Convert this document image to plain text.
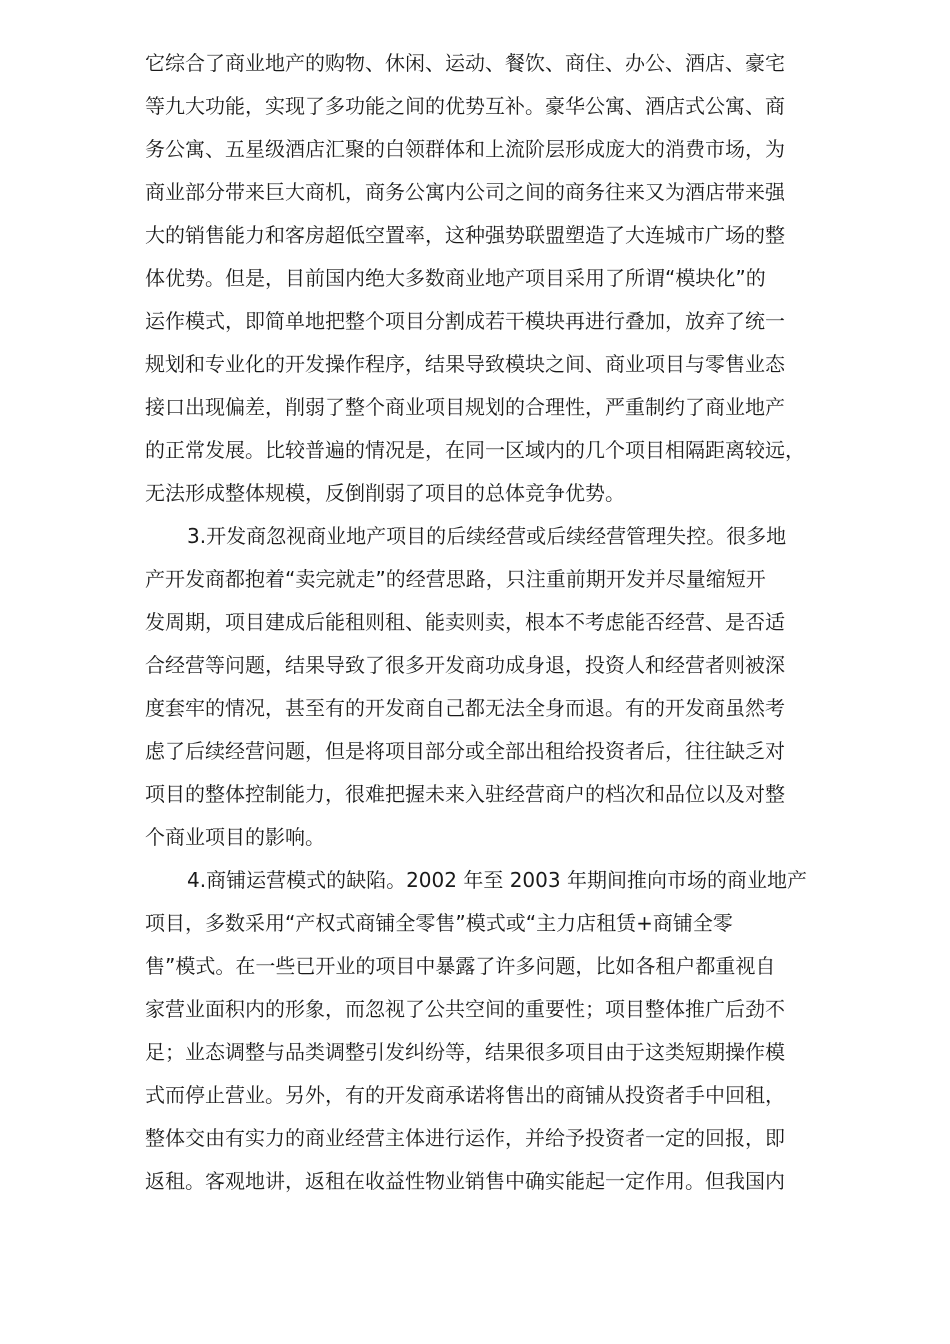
它综合了商业地产的购物、休闲、运动、餐饮、商住、办公、酒店、豪宅
等九大功能，实现了多功能之间的优势互补。豪华公寓、酒店式公寓、商
务公寓、五星级酒店汇聚的白领群体和上流阶层形成庞大的消费市场，为
商业部分带来巨大商机，商务公寓内公司之间的商务往来又为酒店带来强
大的销售能力和客房超低空置率，这种强势联盟塑造了大连城市广场的整
体优势。但是，目前国内绝大多数商业地产项目采用了所谓“模块化”的
运作模式，即简单地把整个项目分割成若干模块再进行叠加，放弃了统一
规划和专业化的开发操作程序，结果导致模块之间、商业项目与零售业态
接口出现偏差，削弱了整个商业项目规划的合理性，严重制约了商业地产
的正常发展。比较普遍的情况是，在同一区域内的几个项目相隔距离较远，
无法形成整体规模，反倒削弱了项目的总体竞争优势。
3.开发商忽视商业地产项目的后续经营或后续经营管理失控。很多地
产开发商都抱着“卖完就走”的经营思路，只注重前期开发并尽量缩短开
发周期，项目建成后能租则租、能卖则卖，根本不考虑能否经营、是否适
合经营等问题，结果导致了很多开发商功成身退，投资人和经营者则被深
度套牢的情况，甚至有的开发商自己都无法全身而退。有的开发商虽然考
虑了后续经营问题，但是将项目部分或全部出租给投资者后，往往缺乏对
项目的整体控制能力，很难把握未来入驻经营商户的档次和品位以及对整
个商业项目的影响。
4.商铺运营模式的缺陷。2002 年至 2003 年期间推向市场的商业地产
项目，多数采用“产权式商铺全零售”模式或“主力店租赁+商铺全零
售”模式。在一些已开业的项目中暴露了许多问题，比如各租户都重视自
家营业面积内的形象，而忽视了公共空间的重要性；项目整体推广后劲不
足；业态调整与品类调整引发纠纷等，结果很多项目由于这类短期操作模
式而停止营业。另外，有的开发商承诺将售出的商铺从投资者手中回租，
整体交由有实力的商业经营主体进行运作，并给予投资者一定的回报，即
返租。客观地讲，返租在收益性物业销售中确实能起一定作用。但我国内
